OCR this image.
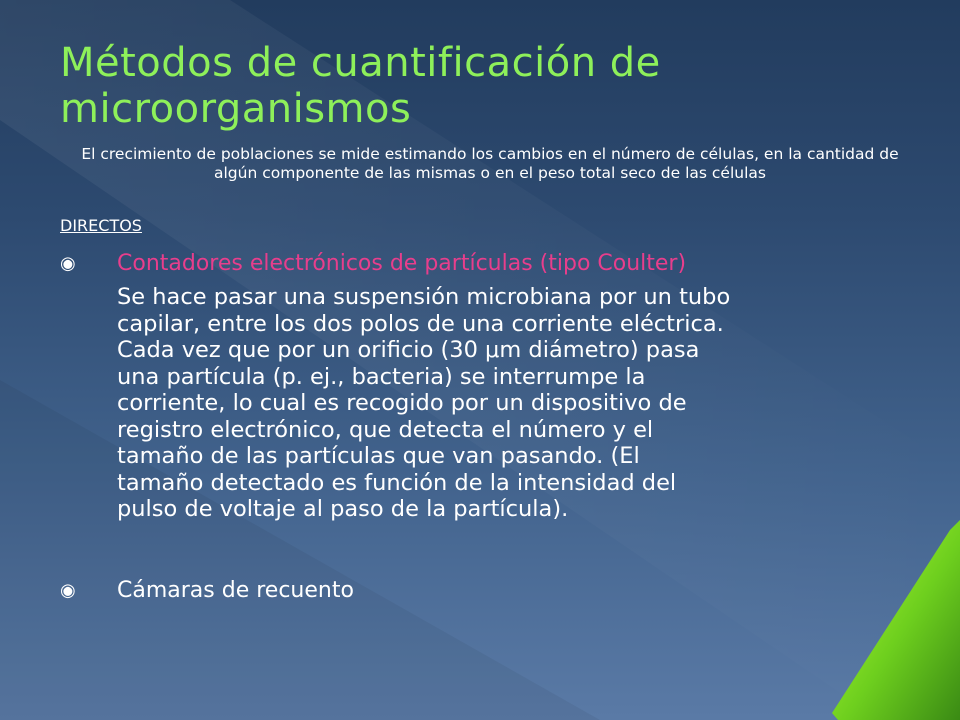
Métodos de cuantificación de
microorganismos

El crecimiento de poblaciones se mide estimando los cambios en el número de células, en la cantidad de algún componente de las mismas o en el peso total seco de las células

DIRECTOS

◉ Contadores electrónicos de partículas (tipo Coulter)

Se hace pasar una suspensión microbiana por un tubo
capilar, entre los dos polos de una corriente eléctrica.
Cada vez que por un orificio (30 μm diámetro) pasa
una partícula (p. ej., bacteria) se interrumpe la
corriente, lo cual es recogido por un dispositivo de
registro electrónico, que detecta el número y el
tamaño de las partículas que van pasando. (El
tamaño detectado es función de la intensidad del
pulso de voltaje al paso de la partícula).
◉ Cámaras de recuento
